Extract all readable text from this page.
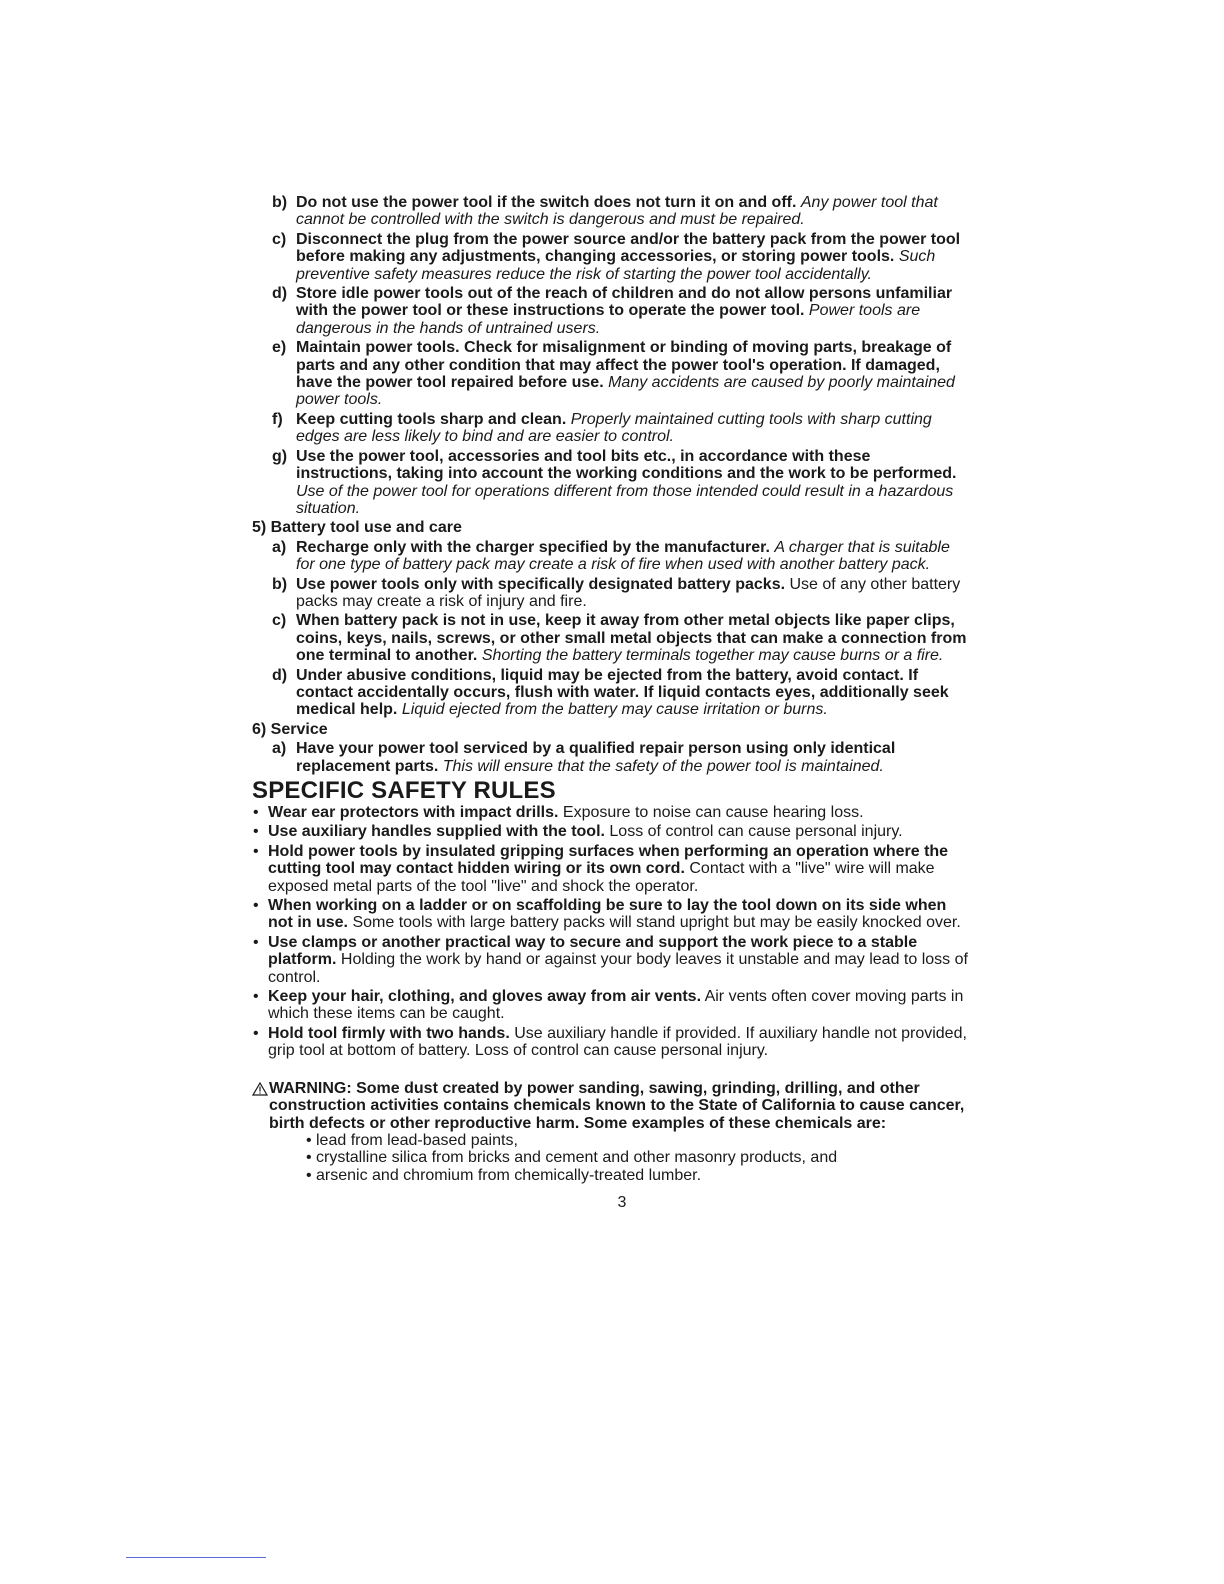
b) Do not use the power tool if the switch does not turn it on and off. Any power tool that cannot be controlled with the switch is dangerous and must be repaired.
c) Disconnect the plug from the power source and/or the battery pack from the power tool before making any adjustments, changing accessories, or storing power tools. Such preventive safety measures reduce the risk of starting the power tool accidentally.
d) Store idle power tools out of the reach of children and do not allow persons unfamiliar with the power tool or these instructions to operate the power tool. Power tools are dangerous in the hands of untrained users.
e) Maintain power tools. Check for misalignment or binding of moving parts, breakage of parts and any other condition that may affect the power tool's operation. If damaged, have the power tool repaired before use. Many accidents are caused by poorly maintained power tools.
f) Keep cutting tools sharp and clean. Properly maintained cutting tools with sharp cutting edges are less likely to bind and are easier to control.
g) Use the power tool, accessories and tool bits etc., in accordance with these instructions, taking into account the working conditions and the work to be performed. Use of the power tool for operations different from those intended could result in a hazardous situation.
5) Battery tool use and care
a) Recharge only with the charger specified by the manufacturer. A charger that is suitable for one type of battery pack may create a risk of fire when used with another battery pack.
b) Use power tools only with specifically designated battery packs. Use of any other battery packs may create a risk of injury and fire.
c) When battery pack is not in use, keep it away from other metal objects like paper clips, coins, keys, nails, screws, or other small metal objects that can make a connection from one terminal to another. Shorting the battery terminals together may cause burns or a fire.
d) Under abusive conditions, liquid may be ejected from the battery, avoid contact. If contact accidentally occurs, flush with water. If liquid contacts eyes, additionally seek medical help. Liquid ejected from the battery may cause irritation or burns.
6) Service
a) Have your power tool serviced by a qualified repair person using only identical replacement parts. This will ensure that the safety of the power tool is maintained.
SPECIFIC SAFETY RULES
• Wear ear protectors with impact drills. Exposure to noise can cause hearing loss.
• Use auxiliary handles supplied with the tool. Loss of control can cause personal injury.
• Hold power tools by insulated gripping surfaces when performing an operation where the cutting tool may contact hidden wiring or its own cord. Contact with a "live" wire will make exposed metal parts of the tool "live" and shock the operator.
• When working on a ladder or on scaffolding be sure to lay the tool down on its side when not in use. Some tools with large battery packs will stand upright but may be easily knocked over.
• Use clamps or another practical way to secure and support the work piece to a stable platform. Holding the work by hand or against your body leaves it unstable and may lead to loss of control.
• Keep your hair, clothing, and gloves away from air vents. Air vents often cover moving parts in which these items can be caught.
• Hold tool firmly with two hands. Use auxiliary handle if provided. If auxiliary handle not provided, grip tool at bottom of battery. Loss of control can cause personal injury.
WARNING: Some dust created by power sanding, sawing, grinding, drilling, and other construction activities contains chemicals known to the State of California to cause cancer, birth defects or other reproductive harm. Some examples of these chemicals are:
• lead from lead-based paints,
• crystalline silica from bricks and cement and other masonry products, and
• arsenic and chromium from chemically-treated lumber.
3
